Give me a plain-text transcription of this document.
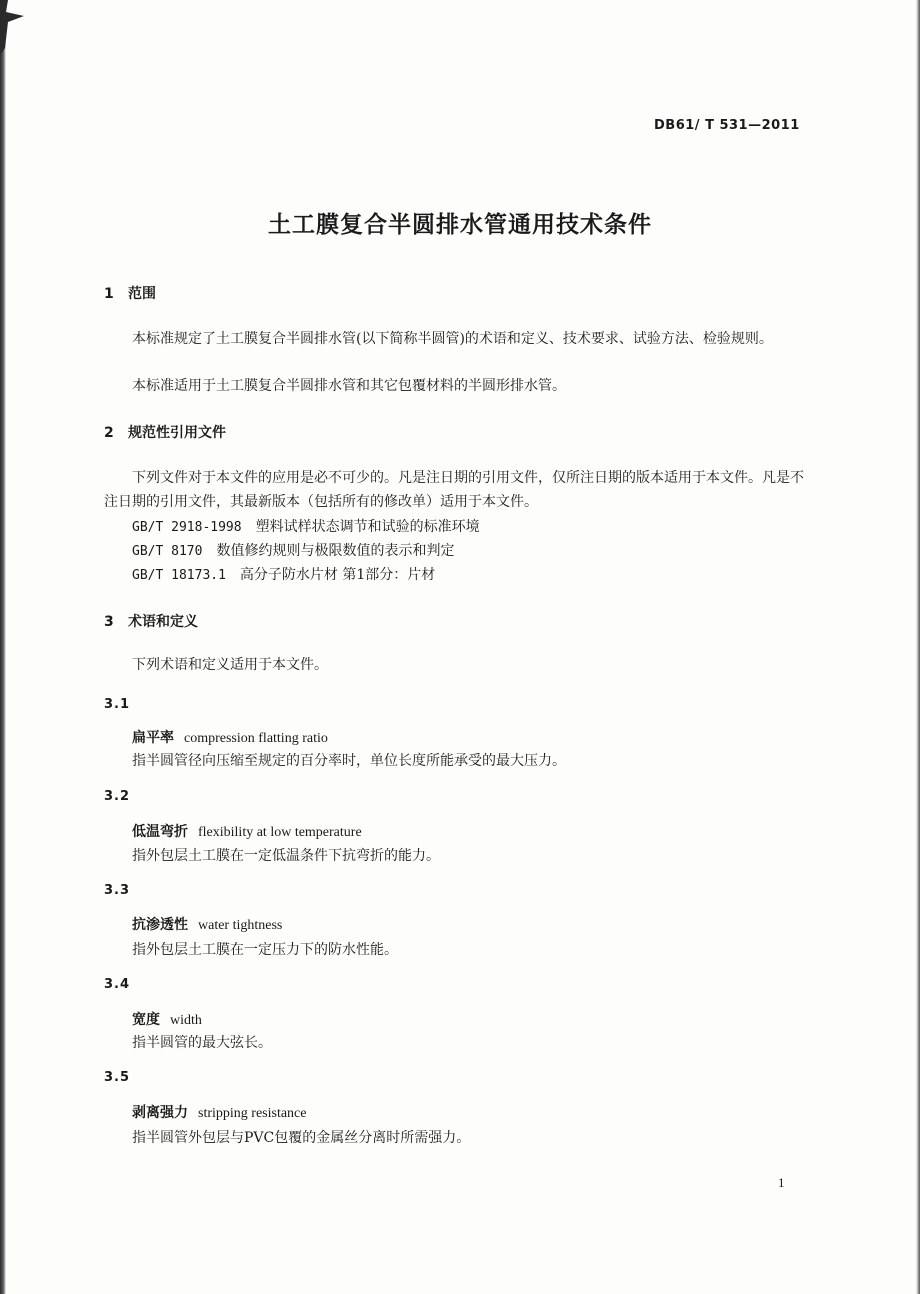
DB61/ T 531—2011
土工膜复合半圆排水管通用技术条件
1 范围
本标准规定了土工膜复合半圆排水管(以下简称半圆管)的术语和定义、技术要求、试验方法、检验规则。
本标准适用于土工膜复合半圆排水管和其它包覆材料的半圆形排水管。
2 规范性引用文件
下列文件对于本文件的应用是必不可少的。凡是注日期的引用文件，仅所注日期的版本适用于本文件。凡是不注日期的引用文件，其最新版本（包括所有的修改单）适用于本文件。
GB/T 2918-1998 塑料试样状态调节和试验的标准环境
GB/T 8170 数值修约规则与极限数值的表示和判定
GB/T 18173.1 高分子防水片材 第1部分：片材
3 术语和定义
下列术语和定义适用于本文件。
3.1
扁平率 compression flatting ratio
指半圆管径向压缩至规定的百分率时，单位长度所能承受的最大压力。
3.2
低温弯折 flexibility at low temperature
指外包层土工膜在一定低温条件下抗弯折的能力。
3.3
抗渗透性 water tightness
指外包层土工膜在一定压力下的防水性能。
3.4
宽度 width
指半圆管的最大弦长。
3.5
剥离强力 stripping resistance
指半圆管外包层与PVC包覆的金属丝分离时所需强力。
1
